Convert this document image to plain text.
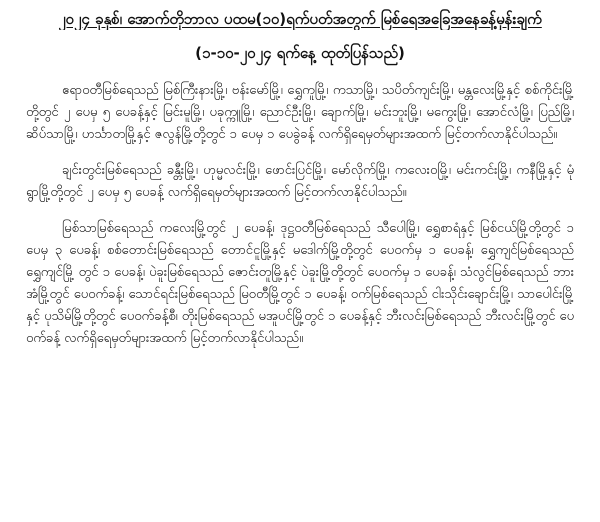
၂၀၂၄ ခုနှစ်၊ အောက်တိုဘာလ ပထမ(၁၀)ရက်ပတ်အတွက် မြစ်ရေအခြေအနေခန့်မှန်းချက်
(၁-၁၀-၂၀၂၄ ရက်နေ့ ထုတ်ပြန်သည်)

ဧရာဝတီမြစ်ရေသည် မြစ်ကြီးနားမြို့၊ ဗန်းမော်မြို့၊ ရွှေကူမြို့၊ ကသာမြို့၊ သပိတ်ကျင်းမြို့၊ မန္တလေးမြို့နှင့် စစ်ကိုင်းမြို့တို့တွင် ၂ ပေမှ ၅ ပေခန့်နှင့် မြင်းမူမြို့၊ ပခုက္ကူမြို့၊ ညောင်ဦးမြို့၊ ချောက်မြို့၊ မင်းဘူးမြို့၊ မကွေးမြို့၊ အောင်လံမြို့၊ ပြည်မြို့၊ ဆိပ်သာမြို့၊ ဟင်္သာတမြို့နှင့် ဇလွန်မြို့တို့တွင် ၁ ပေမှ ၁ ပေခွဲခန့် လက်ရှိရေမှတ်များအထက် မြင့်တက်လာနိုင်ပါသည်။

ချင်းတွင်းမြစ်ရေသည် ခန္တီးမြို့၊ ဟုမ္မလင်းမြို့၊ ဖောင်းပြင်မြို့၊ မော်လိုက်မြို့၊ ကလေးဝမြို့၊ မင်းကင်းမြို့၊ ကနီမြို့နှင့် မုံရွာမြို့တို့တွင် ၂ ပေမှ ၅ ပေခန့် လက်ရှိရေမှတ်များအထက် မြင့်တက်လာနိုင်ပါသည်။

မြစ်သာမြစ်ရေသည် ကလေးမြို့တွင် ၂ ပေခန့်၊ ဒုဋ္ဌဝတီမြစ်ရေသည် သီပေါမြို့၊ ရွှေစာရံနှင့် မြစ်ငယ်မြို့တို့တွင် ၁ ပေမှ ၃ ပေခန့်၊ စစ်တောင်းမြစ်ရေသည် တောင်ငူမြို့နှင့် မဒေါက်မြို့တို့တွင် ပေဝက်မှ ၁ ပေခန့်၊ ရွှေကျင်မြစ်ရေသည် ရွှေကျင်မြို့ တွင် ၁ ပေခန့်၊ ပဲခူးမြစ်ရေသည် ဇောင်းတူမြို့နှင့် ပဲခူးမြို့တို့တွင် ပေဝက်မှ ၁ ပေခန့်၊ သံလွင်မြစ်ရေသည် ဘားအံမြို့တွင် ပေဝက်ခန့်၊ သောင်ရင်းမြစ်ရေသည် မြဝတီမြို့တွင် ၁ ပေခန့်၊ ဝက်မြစ်ရေသည် ငါးသိုင်းချောင်းမြို့၊ သာပေါင်းမြို့နှင့် ပုသိမ်မြို့တို့တွင် ပေဝက်ခန့်စီ၊ တိုးမြစ်ရေသည် မအူပင်မြို့တွင် ၁ ပေခန့်နှင့် ဘီးလင်းမြစ်ရေသည် ဘီးလင်းမြို့တွင် ပေဝက်ခန့် လက်ရှိရေမှတ်များအထက် မြင့်တက်လာနိုင်ပါသည်။
